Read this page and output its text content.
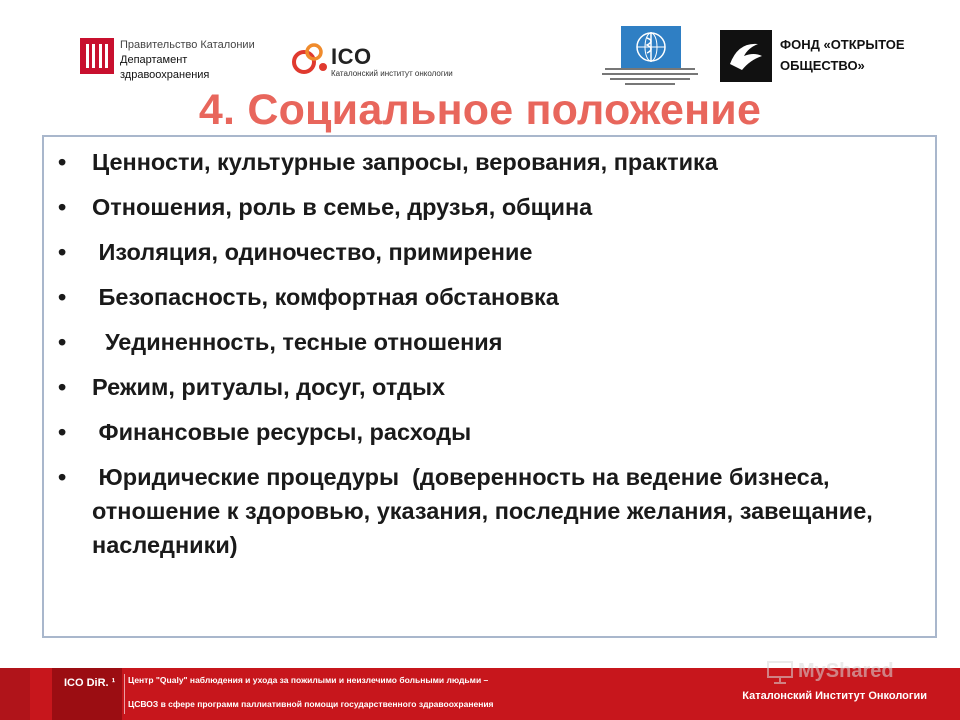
Правительство Каталонии
Департамент
здравоохранения
ICO
Каталонский институт онкологии
ФОНД «ОТКРЫТОЕ
ОБЩЕСТВО»
4. Социальное положение
• Ценности, культурные запросы, верования, практика
• Отношения, роль в семье, друзья, община
• Изоляция, одиночество, примирение
• Безопасность, комфортная обстановка
• Уединенность, тесные отношения
• Режим, ритуалы, досуг, отдых
• Финансовые ресурсы, расходы
• Юридические процедуры  (доверенность на ведение бизнеса, отношение к здоровью, указания, последние желания, завещание, наследники)
ICO DiR. ¹ Центр "Qualy" наблюдения и ухода за пожилыми и неизлечимо больными людьми –
ЦСВОЗ в сфере программ паллиативной помощи государственного здравоохранения
Каталонский Институт Онкологии
MyShared
